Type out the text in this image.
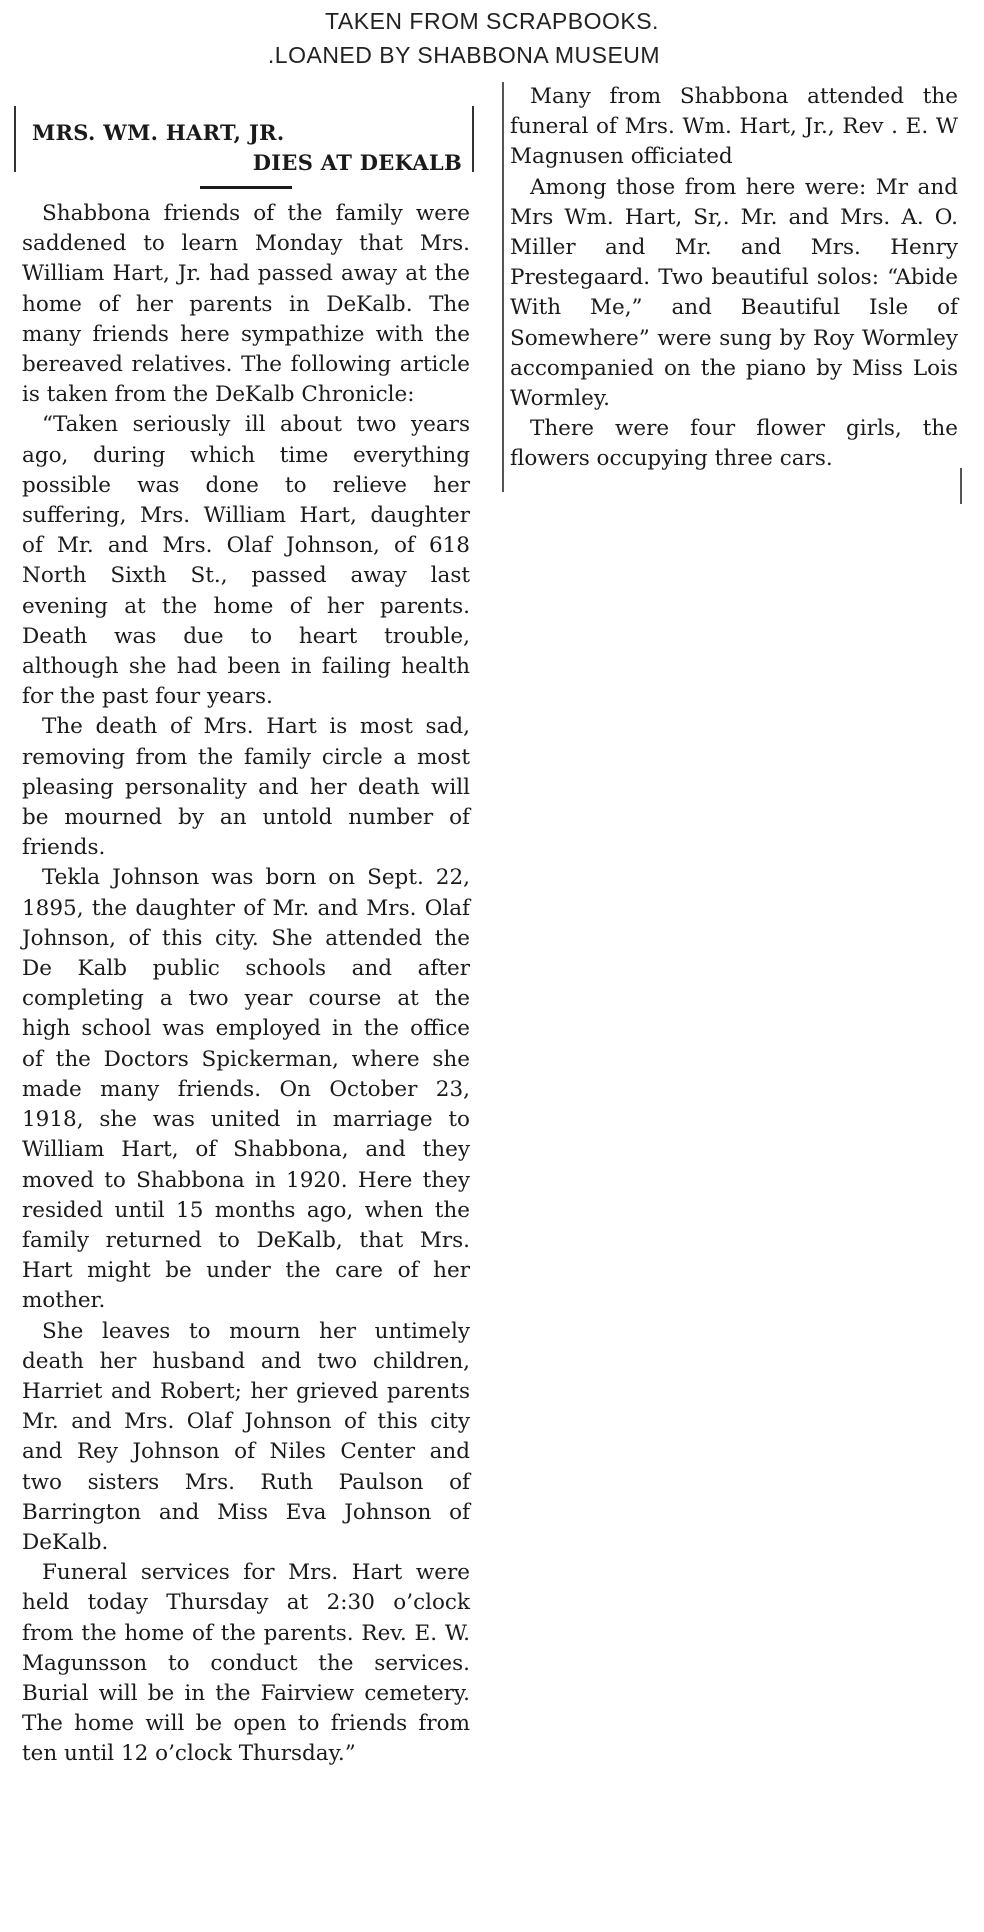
TAKEN FROM SCRAPBOOKS.
.LOANED BY SHABBONA MUSEUM
MRS. WM. HART, JR.
DIES AT DEKALB

Shabbona friends of the family were saddened to learn Monday that Mrs. William Hart, Jr. had passed away at the home of her parents in DeKalb. The many friends here sympathize with the bereaved relatives. The following article is taken from the DeKalb Chronicle:

“Taken seriously ill about two years ago, during which time everything possible was done to relieve her suffering, Mrs. William Hart, daughter of Mr. and Mrs. Olaf Johnson, of 618 North Sixth St., passed away last evening at the home of her parents. Death was due to heart trouble, although she had been in failing health for the past four years.

The death of Mrs. Hart is most sad, removing from the family circle a most pleasing personality and her death will be mourned by an untold number of friends.

Tekla Johnson was born on Sept. 22, 1895, the daughter of Mr. and Mrs. Olaf Johnson, of this city. She attended the De Kalb public schools and after completing a two year course at the high school was employed in the office of the Doctors Spickerman, where she made many friends. On October 23, 1918, she was united in marriage to William Hart, of Shabbona, and they moved to Shabbona in 1920. Here they resided until 15 months ago, when the family returned to DeKalb, that Mrs. Hart might be under the care of her mother.

She leaves to mourn her untimely death her husband and two children, Harriet and Robert; her grieved parents Mr. and Mrs. Olaf Johnson of this city and Rey Johnson of Niles Center and two sisters Mrs. Ruth Paulson of Barrington and Miss Eva Johnson of DeKalb.

Funeral services for Mrs. Hart were held today Thursday at 2:30 o’clock from the home of the parents. Rev. E. W. Magunsson to conduct the services. Burial will be in the Fairview cemetery. The home will be open to friends from ten until 12 o’clock Thursday.”

Many from Shabbona attended the funeral of Mrs. Wm. Hart, Jr., Rev . E. W Magnusen officiated

Among those from here were: Mr and Mrs Wm. Hart, Sr,. Mr. and Mrs. A. O. Miller and Mr. and Mrs. Henry Prestegaard. Two beautiful solos: “Abide With Me,” and Beautiful Isle of Somewhere” were sung by Roy Wormley accompanied on the piano by Miss Lois Wormley.

There were four flower girls, the flowers occupying three cars.
